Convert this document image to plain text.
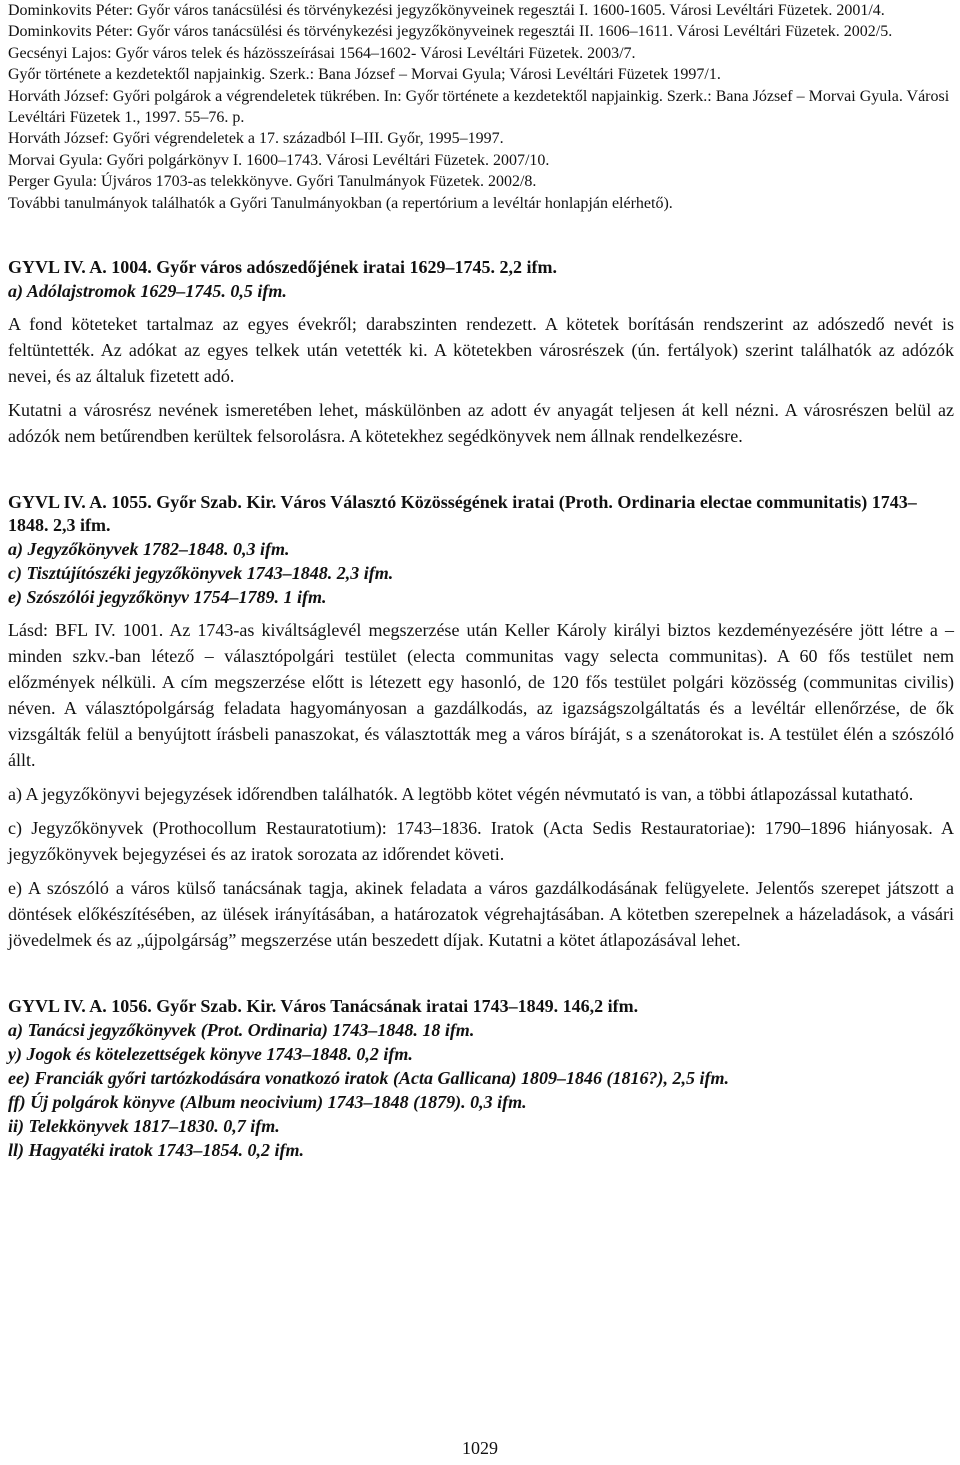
Dominkovits Péter: Győr város tanácsülési és törvénykezési jegyzőkönyveinek regesztái I. 1600-1605. Városi Levéltári Füzetek. 2001/4.

Dominkovits Péter: Győr város tanácsülési és törvénykezési jegyzőkönyveinek regesztái II. 1606–1611. Városi Levéltári Füzetek. 2002/5.

Gecsényi Lajos: Győr város telek és házösszeírásai 1564–1602- Városi Levéltári Füzetek. 2003/7.

Győr története a kezdetektől napjainkig. Szerk.: Bana József – Morvai Gyula; Városi Levéltári Füzetek 1997/1.

Horváth József: Győri polgárok a végrendeletek tükrében. In: Győr története a kezdetektől napjainkig. Szerk.: Bana József – Morvai Gyula. Városi Levéltári Füzetek 1., 1997. 55–76. p.

Horváth József: Győri végrendeletek a 17. századból I–III. Győr, 1995–1997.

Morvai Gyula: Győri polgárkönyv I. 1600–1743. Városi Levéltári Füzetek. 2007/10.

Perger Gyula: Újváros 1703-as telekkönyve. Győri Tanulmányok Füzetek. 2002/8.

További tanulmányok találhatók a Győri Tanulmányokban (a repertórium a levéltár honlapján elérhető).

GYVL IV. A. 1004. Győr város adószedőjének iratai 1629–1745. 2,2 ifm.

a) Adólajstromok 1629–1745. 0,5 ifm.

A fond köteteket tartalmaz az egyes évekről; darabszinten rendezett. A kötetek borításán rendszerint az adószedő nevét is feltüntették. Az adókat az egyes telkek után vetették ki. A kötetekben városrészek (ún. fertályok) szerint találhatók az adózók nevei, és az általuk fizetett adó.

Kutatni a városrész nevének ismeretében lehet, máskülönben az adott év anyagát teljesen át kell nézni. A városrészen belül az adózók nem betűrendben kerültek felsorolásra. A kötetekhez segédkönyvek nem állnak rendelkezésre.

GYVL IV. A. 1055. Győr Szab. Kir. Város Választó Közösségének iratai (Proth. Ordinaria electae communitatis) 1743–1848. 2,3 ifm.

a) Jegyzőkönyvek 1782–1848. 0,3 ifm.

c) Tisztújítószéki jegyzőkönyvek 1743–1848. 2,3 ifm.

e) Szószólói jegyzőkönyv 1754–1789. 1 ifm.

Lásd: BFL IV. 1001. Az 1743-as kiváltságlevél megszerzése után Keller Károly királyi biztos kezdeményezésére jött létre a – minden szkv.-ban létező – választópolgári testület (electa communitas vagy selecta communitas). A 60 fős testület nem előzmények nélküli. A cím megszerzése előtt is létezett egy hasonló, de 120 fős testület polgári közösség (communitas civilis) néven. A választópolgárság feladata hagyományosan a gazdálkodás, az igazságszolgáltatás és a levéltár ellenőrzése, de ők vizsgálták felül a benyújtott írásbeli panaszokat, és választották meg a város bíráját, s a szenátorokat is. A testület élén a szószóló állt.

a) A jegyzőkönyvi bejegyzések időrendben találhatók. A legtöbb kötet végén névmutató is van, a többi átlapozással kutatható.

c) Jegyzőkönyvek (Prothocollum Restauratotium): 1743–1836. Iratok (Acta Sedis Restauratoriae): 1790–1896 hiányosak. A jegyzőkönyvek bejegyzései és az iratok sorozata az időrendet követi.

e) A szószóló a város külső tanácsának tagja, akinek feladata a város gazdálkodásának felügyelete. Jelentős szerepet játszott a döntések előkészítésében, az ülések irányításában, a határozatok végrehajtásában. A kötetben szerepelnek a házeladások, a vásári jövedelmek és az „újpolgárság” megszerzése után beszedett díjak. Kutatni a kötet átlapozásával lehet.

GYVL IV. A. 1056. Győr Szab. Kir. Város Tanácsának iratai 1743–1849. 146,2 ifm.

a) Tanácsi jegyzőkönyvek (Prot. Ordinaria) 1743–1848. 18 ifm.

y) Jogok és kötelezettségek könyve 1743–1848. 0,2 ifm.

ee) Franciák győri tartózkodására vonatkozó iratok (Acta Gallicana) 1809–1846 (1816?), 2,5 ifm.

ff) Új polgárok könyve (Album neocivium) 1743–1848 (1879). 0,3 ifm.

ii) Telekkönyvek 1817–1830. 0,7 ifm.

ll) Hagyatéki iratok 1743–1854. 0,2 ifm.

1029
